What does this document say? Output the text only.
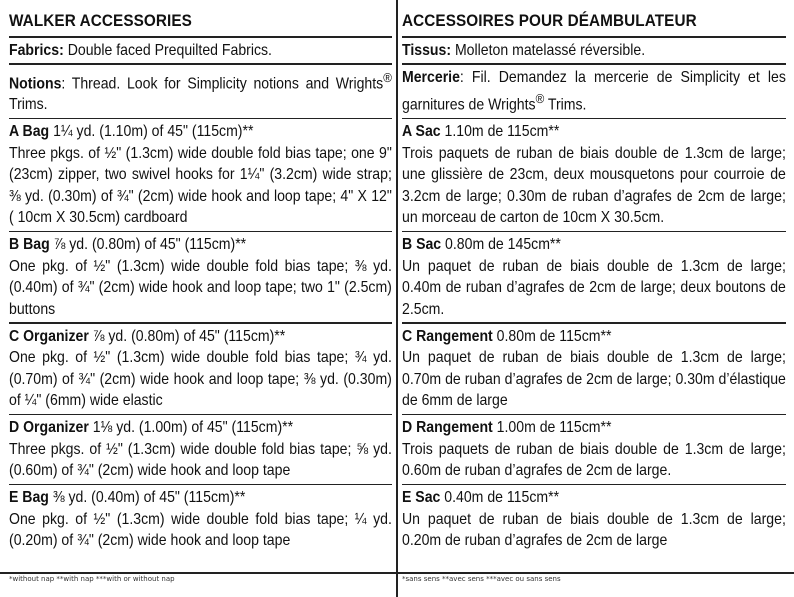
WALKER ACCESSORIES
Fabrics: Double faced Prequilted Fabrics.
Notions: Thread. Look for Simplicity notions and Wrights® Trims.
A Bag 1¼ yd. (1.10m) of 45" (115cm)**
Three pkgs. of ½" (1.3cm) wide double fold bias tape; one 9" (23cm) zipper, two swivel hooks for 1¼" (3.2cm) wide strap; ⅜ yd. (0.30m) of ¾" (2cm) wide hook and loop tape; 4" X 12" ( 10cm X 30.5cm) cardboard
B Bag ⅞ yd. (0.80m) of 45" (115cm)**
One pkg. of ½" (1.3cm) wide double fold bias tape; ⅜ yd. (0.40m) of ¾" (2cm) wide hook and loop tape; two 1" (2.5cm) buttons
C Organizer ⅞ yd. (0.80m) of 45" (115cm)**
One pkg. of ½" (1.3cm) wide double fold bias tape; ¾ yd. (0.70m) of ¾" (2cm) wide hook and loop tape; ⅜ yd. (0.30m) of ¼" (6mm) wide elastic
D Organizer 1⅛ yd. (1.00m) of 45" (115cm)**
Three pkgs. of ½" (1.3cm) wide double fold bias tape; ⅝ yd. (0.60m) of ¾" (2cm) wide hook and loop tape
E Bag ⅜ yd. (0.40m) of 45" (115cm)**
One pkg. of ½" (1.3cm) wide double fold bias tape; ¼ yd. (0.20m) of ¾" (2cm) wide hook and loop tape
ACCESSOIRES POUR DÉAMBULATEUR
Tissus: Molleton matelassé réversible.
Mercerie: Fil. Demandez la mercerie de Simplicity et les garnitures de Wrights® Trims.
A Sac 1.10m de 115cm**
Trois paquets de ruban de biais double de 1.3cm de large; une glissière de 23cm, deux mousquetons pour courroie de 3.2cm de large; 0.30m de ruban d’agrafes de 2cm de large; un morceau de carton de 10cm X 30.5cm.
B Sac 0.80m de 145cm**
Un paquet de ruban de biais double de 1.3cm de large; 0.40m de ruban d’agrafes de 2cm de large; deux boutons de 2.5cm.
C Rangement 0.80m de 115cm**
Un paquet de ruban de biais double de 1.3cm de large; 0.70m de ruban d’agrafes de 2cm de large; 0.30m d’élastique de 6mm de large
D Rangement 1.00m de 115cm**
Trois paquets de ruban de biais double de 1.3cm de large; 0.60m de ruban d’agrafes de 2cm de large.
E Sac 0.40m de 115cm**
Un paquet de ruban de biais double de 1.3cm de large; 0.20m de ruban d’agrafes de 2cm de large
*without nap **with nap ***with or without nap	*sans sens **avec sens ***avec ou sans sens
